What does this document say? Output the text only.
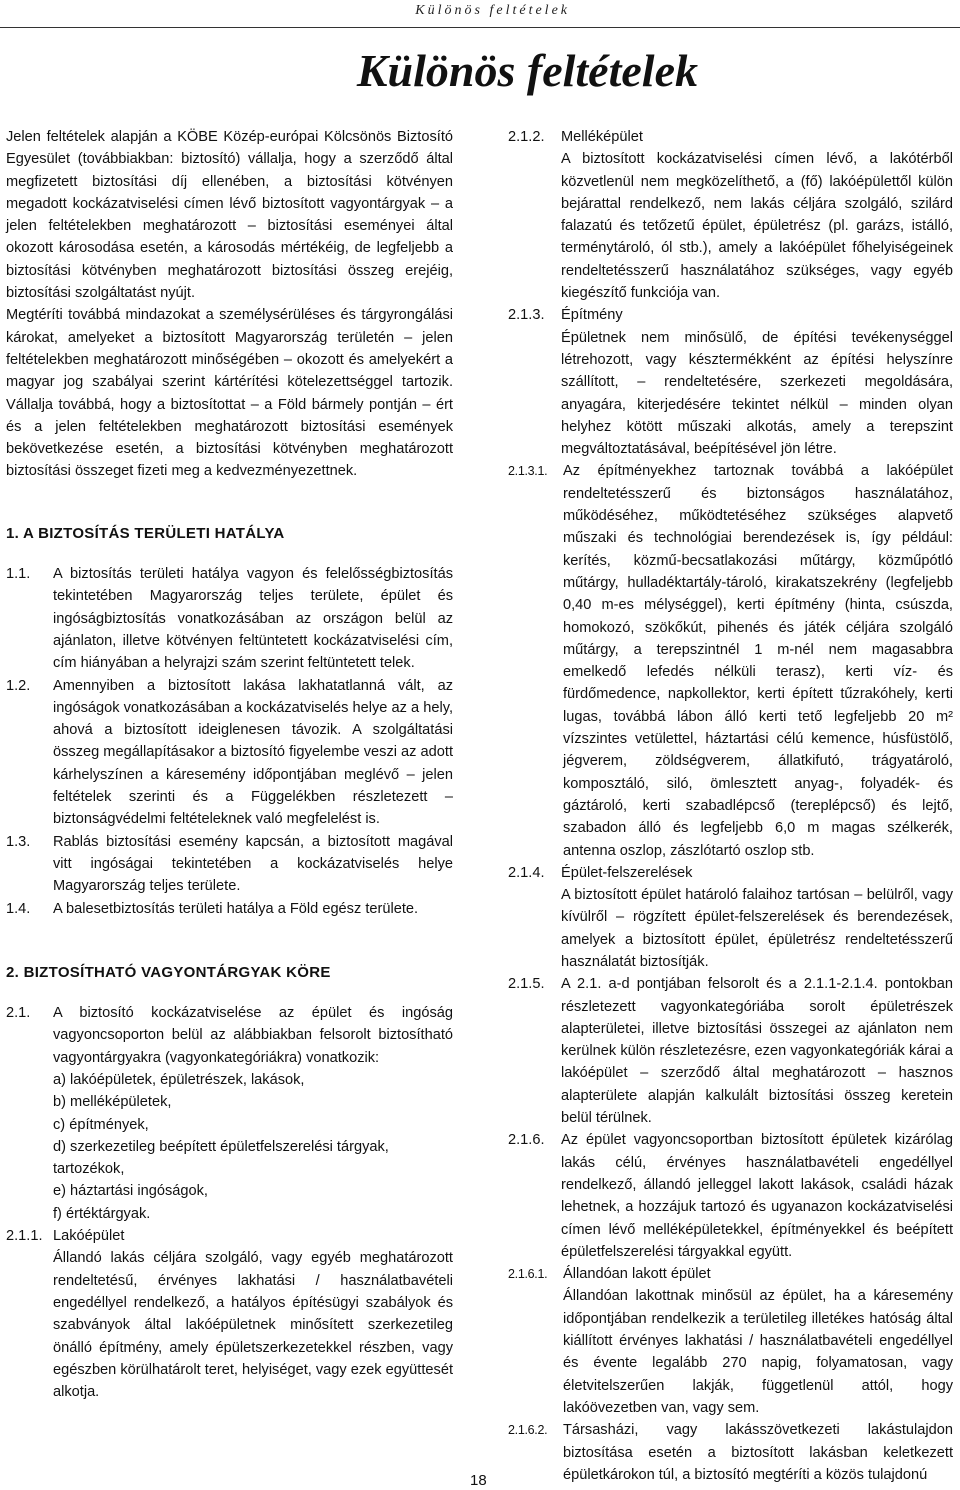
Különös feltételek
Különös feltételek

Jelen feltételek alapján a KÖBE Közép-európai Kölcsönös Biztosító Egyesület (továbbiakban: biztosító) vállalja, hogy a szerződő által megfizetett biztosítási díj ellenében, a biztosítási kötvényen megadott kockázatviselési címen lévő biztosított vagyontárgyak – a jelen feltételekben meghatározott – biztosítási eseményei által okozott károsodása esetén, a károsodás mértékéig, de legfeljebb a biztosítási kötvényben meghatározott biztosítási összeg erejéig, biztosítási szolgáltatást nyújt.

Megtéríti továbbá mindazokat a személysérüléses és tárgyrongálási károkat, amelyeket a biztosított Magyarország területén – jelen feltételekben meghatározott minőségében – okozott és amelyekért a magyar jog szabályai szerint kártérítési kötelezettséggel tartozik. Vállalja továbbá, hogy a biztosítottat – a Föld bármely pontján – ért és a jelen feltételekben meghatározott biztosítási események bekövetkezése esetén, a biztosítási kötvényben meghatározott biztosítási összeget fizeti meg a kedvezményezettnek.

1. A BIZTOSÍTÁS TERÜLETI HATÁLYA
1.1.	A biztosítás területi hatálya vagyon és felelősségbiztosítás tekintetében Magyarország teljes területe, épület és ingóságbiztosítás vonatkozásában az országon belül az ajánlaton, illetve kötvényen feltüntetett kockázatviselési cím, cím hiányában a helyrajzi szám szerint feltüntetett telek.
1.2.	Amennyiben a biztosított lakása lakhatatlanná vált, az ingóságok vonatkozásában a kockázatviselés helye az a hely, ahová a biztosított ideiglenesen távozik. A szolgáltatási összeg megállapításakor a biztosító figyelembe veszi az adott kárhelyszínen a káresemény időpontjában meglévő – jelen feltételek szerinti és a Függelékben részletezett – biztonságvédelmi feltételeknek való megfelelést is.
1.3.	Rablás biztosítási esemény kapcsán, a biztosított magával vitt ingóságai tekintetében a kockázatviselés helye Magyarország teljes területe.
1.4.	A balesetbiztosítás területi hatálya a Föld egész területe.
2. BIZTOSÍTHATÓ VAGYONTÁRGYAK KÖRE
2.1.	A biztosító kockázatviselése az épület és ingóság vagyoncsoporton belül az alábbiakban felsorolt biztosítható vagyontárgyakra (vagyonkategóriákra) vonatkozik:
a) lakóépületek, épületrészek, lakások,
b) melléképületek,
c) építmények,
d) szerkezetileg beépített épületfelszerelési tárgyak, tartozékok,
e) háztartási ingóságok,
f) értéktárgyak.
2.1.1. Lakóépület

Állandó lakás céljára szolgáló, vagy egyéb meghatározott rendeltetésű, érvényes lakhatási / használatbavételi engedéllyel rendelkező, a hatályos építésügyi szabályok és szabványok által lakóépületnek minősített szerkezetileg önálló építmény, amely épületszerkezetekkel részben, vagy egészben körülhatárolt teret, helyiséget, vagy ezek együttesét alkotja.

2.1.2.	Melléképület

A biztosított kockázatviselési címen lévő, a lakótérből közvetlenül nem megközelíthető, a (fő) lakóépülettől külön bejárattal rendelkező, nem lakás céljára szolgáló, szilárd falazatú és tetőzetű épület, épületrész (pl. garázs, istálló, terménytároló, ól stb.), amely a lakóépület főhelyiségeinek rendeltetésszerű használatához szükséges, vagy egyéb kiegészítő funkciója van.

2.1.3.	Építmény

Épületnek nem minősülő, de építési tevékenységgel létrehozott, vagy késztermékként az építési helyszínre szállított, – rendeltetésére, szerkezeti megoldására, anyagára, kiterjedésére tekintet nélkül – minden olyan helyhez kötött műszaki alkotás, amely a terepszint megváltoztatásával, beépítésével jön létre.

2.1.3.1.	Az építményekhez tartoznak továbbá a lakóépület rendeltetésszerű és biztonságos használatához, működéséhez, működtetéséhez szükséges alapvető műszaki és technológiai berendezések is, így például: kerítés, közmű-becsatlakozási műtárgy, közműpótló műtárgy, hulladéktartály-tároló, kirakatszekrény (legfeljebb 0,40 m-es mélységgel), kerti építmény (hinta, csúszda, homokozó, szökőkút, pihenés és játék céljára szolgáló műtárgy, a terepszintnél 1 m-nél nem magasabbra emelkedő lefedés nélküli terasz), kerti víz- és fürdőmedence, napkollektor, kerti épített tűzrakóhely, kerti lugas, továbbá lábon álló kerti tető legfeljebb 20 m² vízszintes vetülettel, háztartási célú kemence, húsfüstölő, jégverem, zöldségverem, állatkifutó, trágyatároló, komposztáló, siló, ömlesztett anyag-, folyadék- és gáztároló, kerti szabadlépcső (tereplépcső) és lejtő, szabadon álló és legfeljebb 6,0 m magas szélkerék, antenna oszlop, zászlótartó oszlop stb.
2.1.4.	Épület-felszerelések

A biztosított épület határoló falaihoz tartósan – belülről, vagy kívülről – rögzített épület-felszerelések és berendezések, amelyek a biztosított épület, épületrész rendeltetésszerű használatát biztosítják.

2.1.5.	A 2.1. a-d pontjában felsorolt és a 2.1.1-2.1.4. pontokban részletezett vagyonkategóriába sorolt épületrészek alapterületei, illetve biztosítási összegei az ajánlaton nem kerülnek külön részletezésre, ezen vagyonkategóriák kárai a lakóépület – szerződő által meghatározott – hasznos alapterülete alapján kalkulált biztosítási összeg keretein belül térülnek.
2.1.6.	Az épület vagyoncsoportban biztosított épületek kizárólag lakás célú, érvényes használatbavételi engedéllyel rendelkező, állandó jelleggel lakott lakások, családi házak lehetnek, a hozzájuk tartozó és ugyanazon kockázatviselési címen lévő melléképületekkel, építményekkel és beépített épületfelszerelési tárgyakkal együtt.
2.1.6.1.	Állandóan lakott épület

Állandóan lakottnak minősül az épület, ha a káresemény időpontjában rendelkezik a területileg illetékes hatóság által kiállított érvényes lakhatási / használatbavételi engedéllyel és évente legalább 270 napig, folyamatosan, vagy életvitelszerűen lakják, függetlenül attól, hogy lakóövezetben van, vagy sem.

2.1.6.2.	Társasházi, vagy lakásszövetkezeti lakástulajdon biztosítása esetén a biztosított lakásban keletkezett épületkárokon túl, a biztosító megtéríti a közös tulajdonú
18
